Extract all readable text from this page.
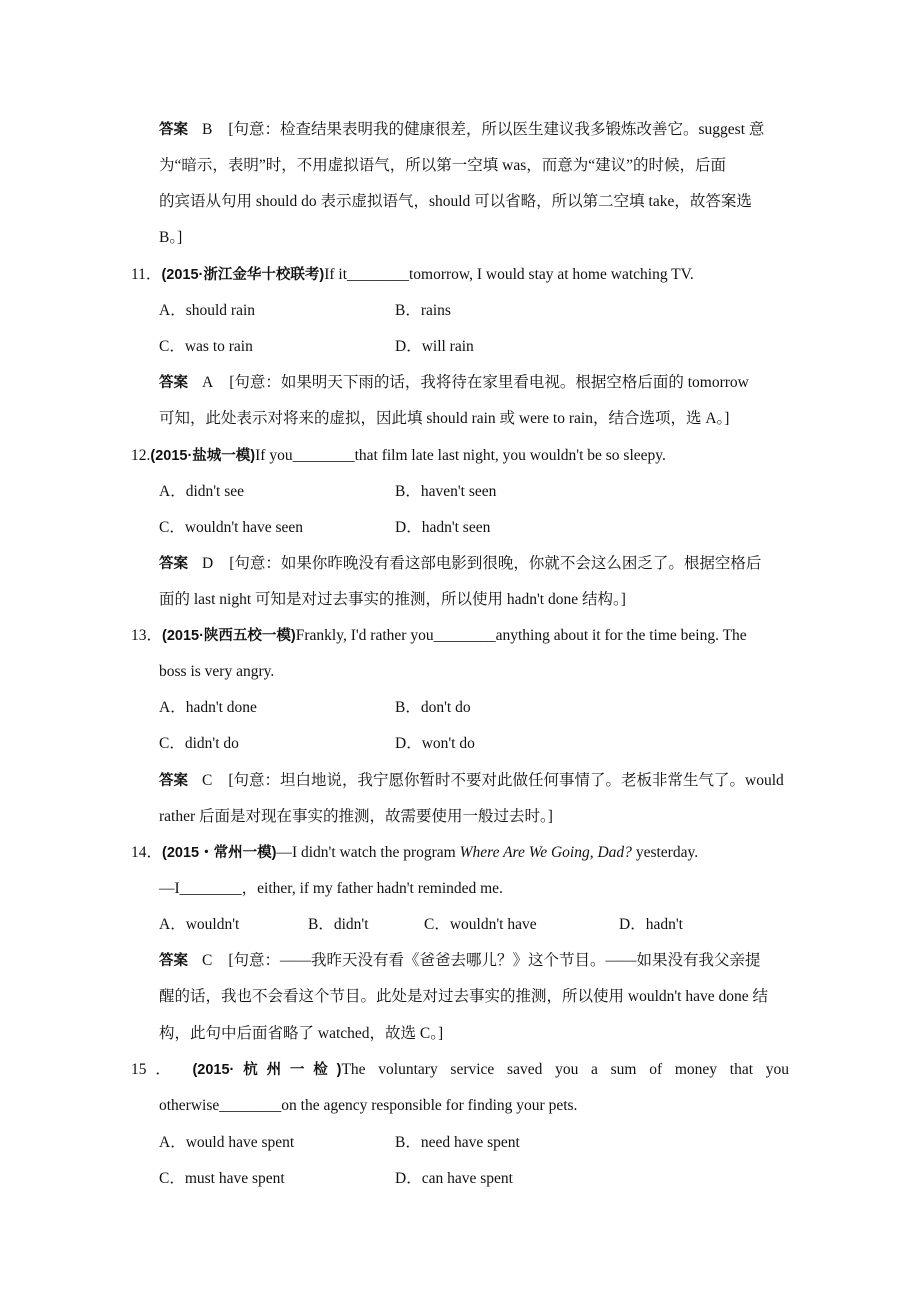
答案 B [句意：检查结果表明我的健康很差，所以医生建议我多锻炼改善它。suggest 意
为“暗示，表明”时，不用虚拟语气，所以第一空填 was，而意为“建议”的时候，后面
的宾语从句用 should do 表示虚拟语气，should 可以省略，所以第二空填 take，故答案选
B。]
11．(2015·浙江金华十校联考)If it________tomorrow, I would stay at home watching TV.
A．should rain	B．rains
C．was to rain	D．will rain
答案 A [句意：如果明天下雨的话，我将待在家里看电视。根据空格后面的 tomorrow
可知，此处表示对将来的虚拟，因此填 should rain 或 were to rain，结合选项，选 A。]
12.(2015·盐城一模)If you________that film late last night, you wouldn't be so sleepy.
A．didn't see	B．haven't seen
C．wouldn't have seen	D．hadn't seen
答案 D [句意：如果你昨晚没有看这部电影到很晚，你就不会这么困乏了。根据空格后
面的 last night 可知是对过去事实的推测，所以使用 hadn't done 结构。]
13．(2015·陕西五校一模)Frankly, I'd rather you________anything about it for the time being. The
boss is very angry.
A．hadn't done	B．don't do
C．didn't do	D．won't do
答案 C [句意：坦白地说，我宁愿你暂时不要对此做任何事情了。老板非常生气了。would
rather 后面是对现在事实的推测，故需要使用一般过去时。]
14．(2015・常州一模)—I didn't watch the program Where Are We Going, Dad? yesterday.
—I________，either, if my father hadn't reminded me.
A．wouldn't	B．didn't	C．wouldn't have	D．hadn't
答案 C [句意：——我昨天没有看《爸爸去哪儿？》这个节目。——如果没有我父亲提
醒的话，我也不会看这个节目。此处是对过去事实的推测，所以使用 wouldn't have done 结
构，此句中后面省略了 watched，故选 C。]
15． (2015·杭州一检)The voluntary service saved you a sum of money that you
otherwise________on the agency responsible for finding your pets.
A．would have spent	B．need have spent
C．must have spent	D．can have spent
